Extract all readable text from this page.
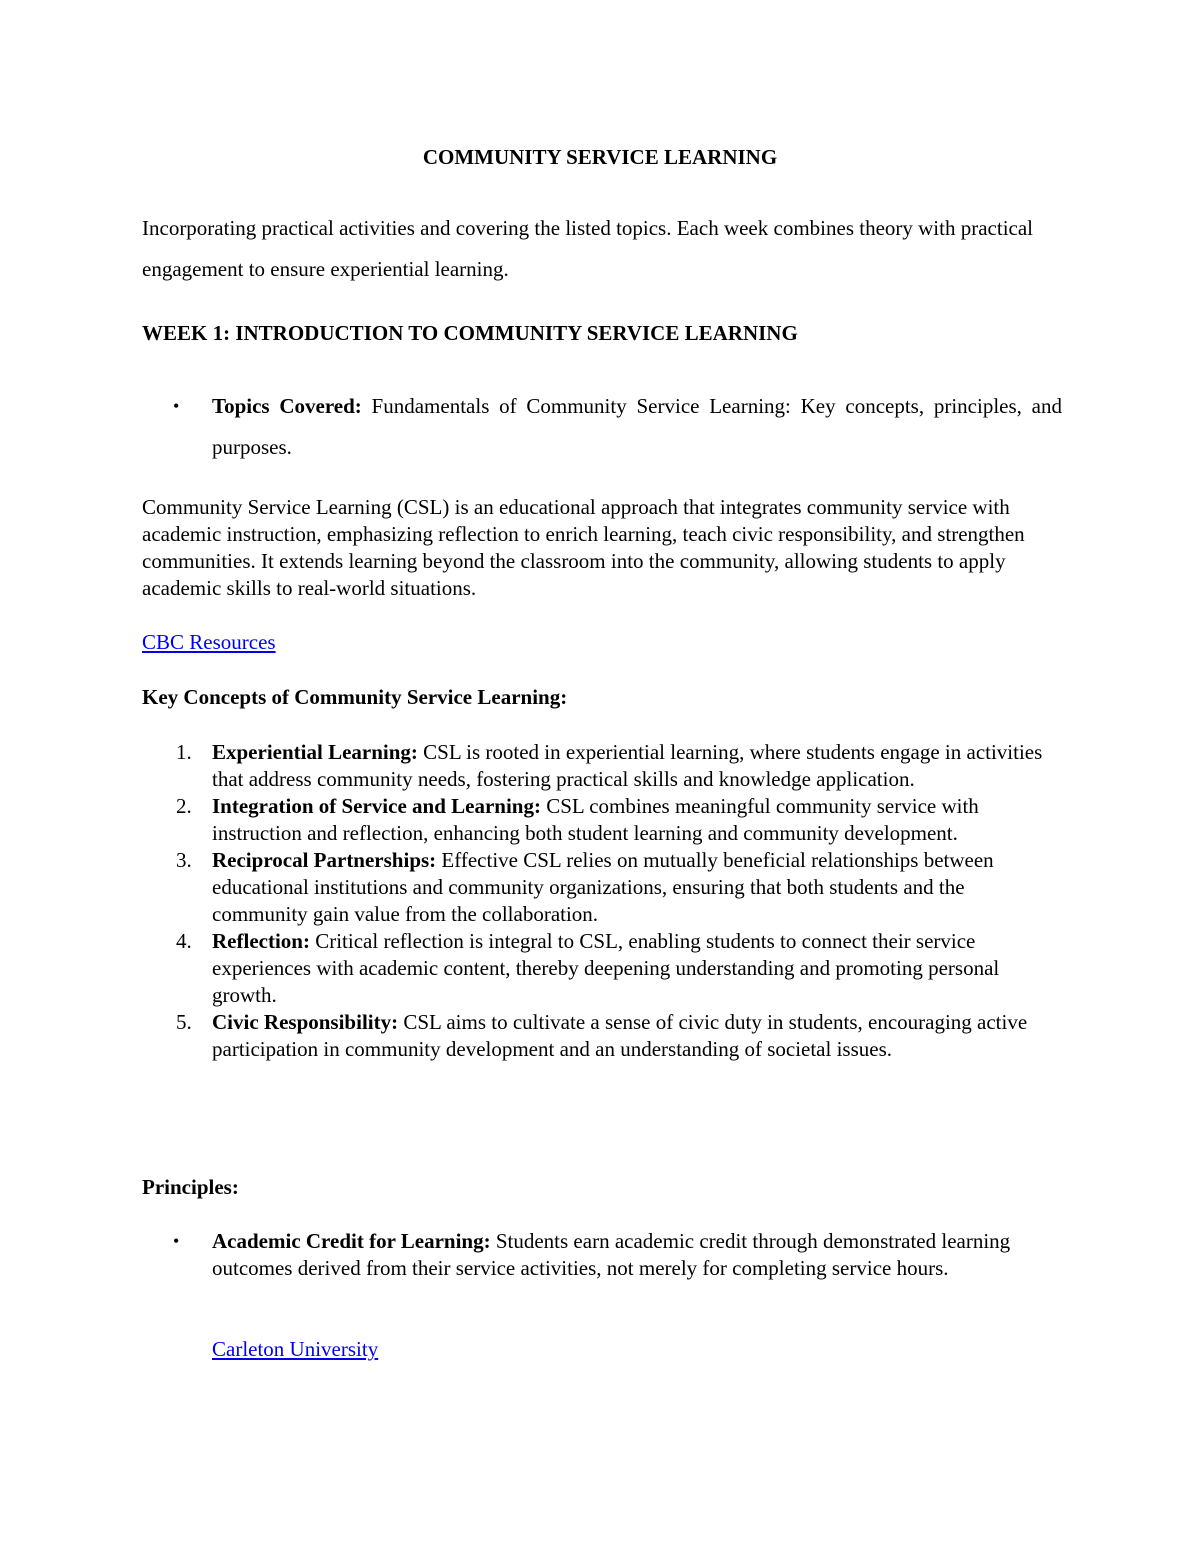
COMMUNITY SERVICE LEARNING

Incorporating practical activities and covering the listed topics. Each week combines theory with practical engagement to ensure experiential learning.

WEEK 1: INTRODUCTION TO COMMUNITY SERVICE LEARNING
• Topics Covered: Fundamentals of Community Service Learning: Key concepts, principles, and purposes.

Community Service Learning (CSL) is an educational approach that integrates community service with academic instruction, emphasizing reflection to enrich learning, teach civic responsibility, and strengthen communities. It extends learning beyond the classroom into the community, allowing students to apply academic skills to real-world situations.

CBC Resources

Key Concepts of Community Service Learning:

1. Experiential Learning: CSL is rooted in experiential learning, where students engage in activities that address community needs, fostering practical skills and knowledge application.
2. Integration of Service and Learning: CSL combines meaningful community service with instruction and reflection, enhancing both student learning and community development.
3. Reciprocal Partnerships: Effective CSL relies on mutually beneficial relationships between educational institutions and community organizations, ensuring that both students and the community gain value from the collaboration.
4. Reflection: Critical reflection is integral to CSL, enabling students to connect their service experiences with academic content, thereby deepening understanding and promoting personal growth.
5. Civic Responsibility: CSL aims to cultivate a sense of civic duty in students, encouraging active participation in community development and an understanding of societal issues.

Principles:

• Academic Credit for Learning: Students earn academic credit through demonstrated learning outcomes derived from their service activities, not merely for completing service hours.
Carleton University
